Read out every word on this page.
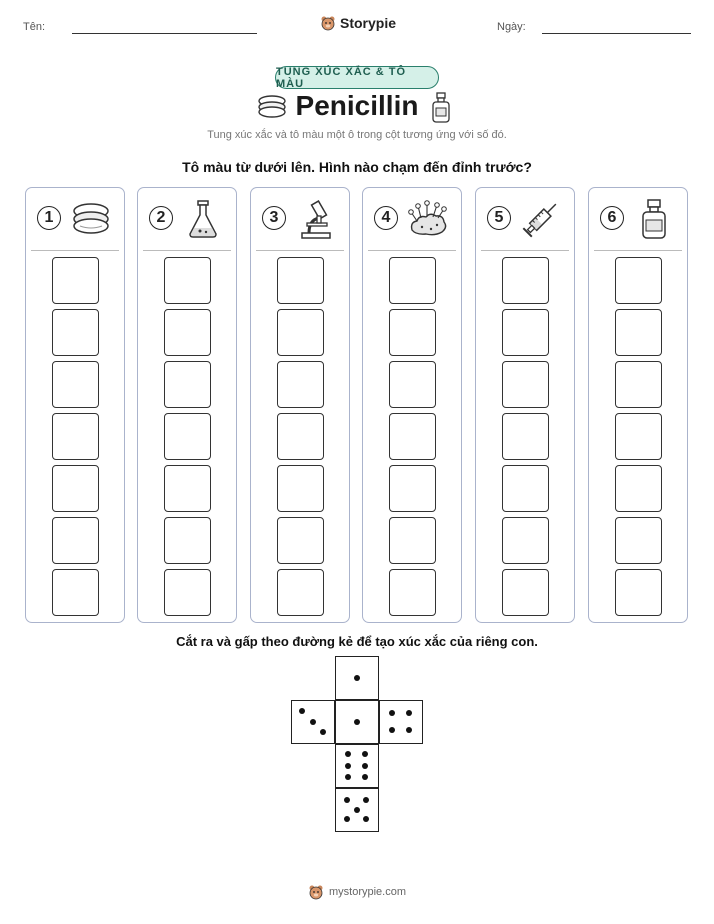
Tên:	Storypie	Ngày:
TUNG XÚC XẮC & TÔ MÀU
Penicillin
Tung xúc xắc và tô màu một ô trong cột tương ứng với số đó.
Tô màu từ dưới lên. Hình nào chạm đến đỉnh trước?
1	2	3	4	5	6
Cắt ra và gấp theo đường kẻ để tạo xúc xắc của riêng con.
mystorypie.com
